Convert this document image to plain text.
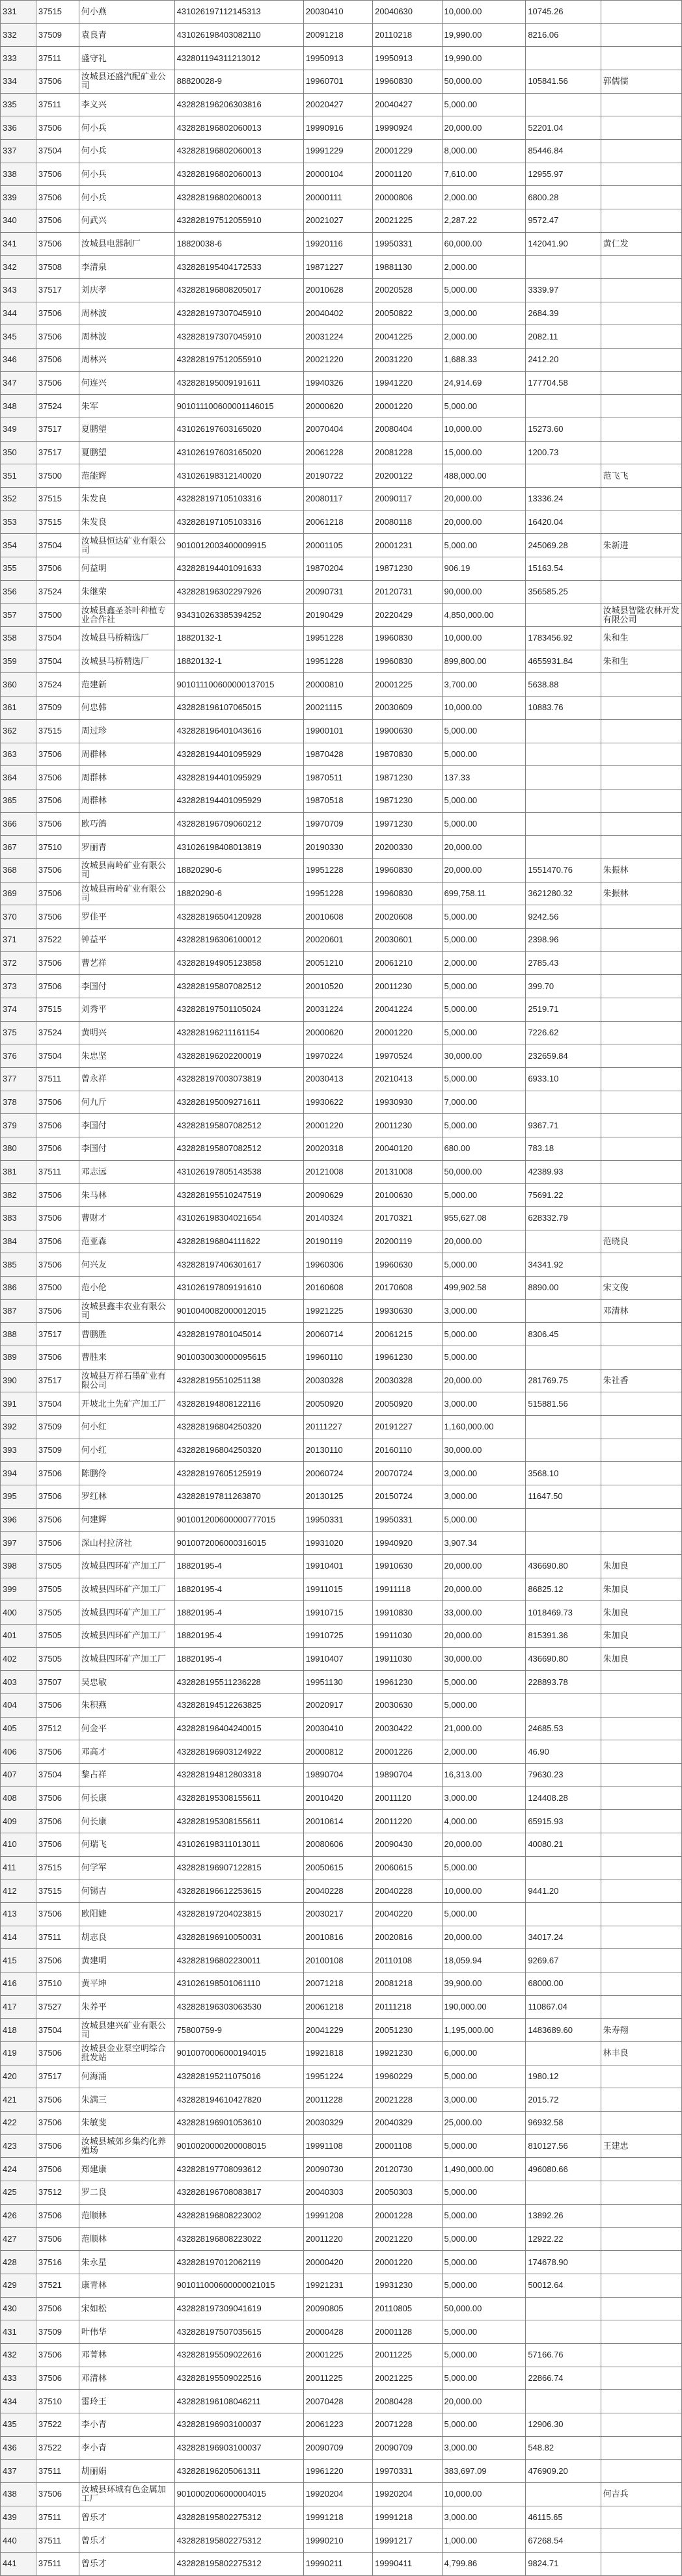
331	37515	何小燕	431026197112145313	20030410	20040630	10,000.00	10745.26	
332	37509	袁良青	431026198403082110	20091218	20110218	19,990.00	8216.06	
333	37511	盛守礼	432801194311213012	19950913	19950913	19,990.00		
334	37506	汝城县还盛汽配矿业公司	88820028-9	19960701	19960830	50,000.00	105841.56	郭儒儒
335	37511	李义兴	432828196206303816	20020427	20040427	5,000.00		
336	37506	何小兵	432828196802060013	19990916	19990924	20,000.00	52201.04	
337	37504	何小兵	432828196802060013	19991229	20001229	8,000.00	85446.84	
338	37506	何小兵	432828196802060013	20000104	20001120	7,610.00	12955.97	
339	37506	何小兵	432828196802060013	20000111	20000806	2,000.00	6800.28	
340	37506	何武兴	432828197512055910	20021027	20021225	2,287.22	9572.47	
341	37506	汝城县电器制厂	18820038-6	19920116	19950331	60,000.00	142041.90	黄仁发
342	37508	李清泉	432828195404172533	19871227	19881130	2,000.00		
343	37517	刘庆孝	432828196808205017	20010628	20020528	5,000.00	3339.97	
344	37506	周林波	432828197307045910	20040402	20050822	3,000.00	2684.39	
345	37506	周林波	432828197307045910	20031224	20041225	2,000.00	2082.11	
346	37506	周林兴	432828197512055910	20021220	20031220	1,688.33	2412.20	
347	37506	何连兴	432828195009191611	19940326	19941220	24,914.69	177704.58	
348	37524	朱军	901011100600001146015	20000620	20001220	5,000.00		
349	37517	夏鹏望	431026197603165020	20070404	20080404	10,000.00	15273.60	
350	37517	夏鹏望	431026197603165020	20061228	20081228	15,000.00	1200.73	
351	37500	范能辉	431026198312140020	20190722	20200122	488,000.00		范飞飞
352	37515	朱发良	432828197105103316	20080117	20090117	20,000.00	13336.24	
353	37515	朱发良	432828197105103316	20061218	20080118	20,000.00	16420.04	
354	37504	汝城县恒达矿业有限公司	9010012003400009915	20001105	20001231	5,000.00	245069.28	朱新进
355	37506	何益明	432828194401091633	19870204	19871230	906.19	15163.54	
356	37524	朱继荣	432828196302297926	20090731	20120731	90,000.00	356585.25	
357	37500	汝城县鑫圣茶叶种植专业合作社	934310263385394252	20190429	20220429	4,850,000.00		汝城县智隆农林开发有限公司
358	37504	汝城县马桥精选厂	18820132-1	19951228	19960830	10,000.00	1783456.92	朱和生
359	37504	汝城县马桥精选厂	18820132-1	19951228	19960830	899,800.00	4655931.84	朱和生
360	37524	范建新	901011100600000137015	20000810	20001225	3,700.00	5638.88	
361	37509	何忠韩	432828196107065015	20021115	20030609	10,000.00	10883.76	
362	37515	周过珍	432828196401043616	19900101	19900630	5,000.00		
363	37506	周群林	432828194401095929	19870428	19870830	5,000.00		
364	37506	周群林	432828194401095929	19870511	19871230	137.33		
365	37506	周群林	432828194401095929	19870518	19871230	5,000.00		
366	37506	欧巧鸽	432828196709060212	19970709	19971230	5,000.00		
367	37510	罗丽青	431026198408013819	20190330	20200330	20,000.00		
368	37506	汝城县南岭矿业有限公司	18820290-6	19951228	19960830	20,000.00	1551470.76	朱振林
369	37506	汝城县南岭矿业有限公司	18820290-6	19951228	19960830	699,758.11	3621280.32	朱振林
370	37506	罗佳平	432828196504120928	20010608	20020608	5,000.00	9242.56	
371	37522	钟益平	432828196306100012	20020601	20030601	5,000.00	2398.96	
372	37506	曹艺祥	432828194905123858	20051210	20061210	2,000.00	2785.43	
373	37506	李国付	432828195807082512	20010520	20011230	5,000.00	399.70	
374	37515	刘秀平	432828197501105024	20031224	20041224	5,000.00	2519.71	
375	37524	黄明兴	432828196211161154	20000620	20001220	5,000.00	7226.62	
376	37504	朱忠坚	432828196202200019	19970224	19970524	30,000.00	232659.84	
377	37511	曾永祥	432828197003073819	20030413	20210413	5,000.00	6933.10	
378	37506	何九斤	432828195009271611	19930622	19930930	7,000.00		
379	37506	李国付	432828195807082512	20001220	20011230	5,000.00	9367.71	
380	37506	李国付	432828195807082512	20020318	20040120	680.00	783.18	
381	37511	邓志远	431026197805143538	20121008	20131008	50,000.00	42389.93	
382	37506	朱马林	432828195510247519	20090629	20100630	5,000.00	75691.22	
383	37506	曹财才	431026198304021654	20140324	20170321	955,627.08	628332.79	
384	37506	范亚森	432828196804111622	20190119	20200119	20,000.00		范晓良
385	37506	何兴友	432828197406301617	19960306	19960630	5,000.00	34341.92	
386	37500	范小伦	431026197809191610	20160608	20170608	499,902.58	8890.00	宋文俊
387	37506	汝城县鑫丰农业有限公司	9010040082000012015	19921225	19930630	3,000.00		邓清林
388	37517	曹鹏胜	432828197801045014	20060714	20061215	5,000.00	8306.45	
389	37506	曹胜来	9010030030000095615	19960110	19961230	5,000.00		
390	37517	汝城县万祥石墨矿业有限公司	432828195510251138	20030328	20030328	20,000.00	281769.75	朱社香
391	37504	开坡北土先矿产加工厂	432828194808122116	20050920	20050920	3,000.00	515881.56	
392	37509	何小红	432828196804250320	20111227	20191227	1,160,000.00		
393	37509	何小红	432828196804250320	20130110	20160110	30,000.00		
394	37506	陈鹏伶	432828197605125919	20060724	20070724	3,000.00	3568.10	
395	37506	罗红林	432828197811263870	20130125	20150724	3,000.00	11647.50	
396	37506	何建辉	901001200600000777015	19950331	19950331	5,000.00		
397	37506	深山村拉济社	9010072006000316015	19931020	19940920	3,907.34		
398	37505	汝城县四环矿产加工厂	18820195-4	19910401	19910630	20,000.00	436690.80	朱加良
399	37505	汝城县四环矿产加工厂	18820195-4	19911015	19911118	20,000.00	86825.12	朱加良
400	37505	汝城县四环矿产加工厂	18820195-4	19910715	19910830	33,000.00	1018469.73	朱加良
401	37505	汝城县四环矿产加工厂	18820195-4	19910725	19911030	20,000.00	815391.36	朱加良
402	37505	汝城县四环矿产加工厂	18820195-4	19910407	19911030	30,000.00	436690.80	朱加良
403	37507	吴忠敏	432828195511236228	19951130	19961230	5,000.00	228893.78	
404	37506	朱积燕	432828194512263825	20020917	20030630	5,000.00		
405	37512	何金平	432828196404240015	20030410	20030422	21,000.00	24685.53	
406	37506	邓高才	432828196903124922	20000812	20001226	2,000.00	46.90	
407	37504	黎占祥	432828194812803318	19890704	19890704	16,313.00	79630.23	
408	37506	何长康	432828195308155611	20010420	20011120	3,000.00	124408.28	
409	37506	何长康	432828195308155611	20010614	20011220	4,000.00	65915.93	
410	37506	何瑞飞	431026198311013011	20080606	20090430	20,000.00	40080.21	
411	37515	何学军	432828196907122815	20050615	20060615	5,000.00		
412	37515	何锡吉	432828196612253615	20040228	20040228	10,000.00	9441.20	
413	37506	欧阳婕	432828197204023815	20030217	20040220	5,000.00		
414	37511	胡志良	432828196910050031	20010816	20020816	20,000.00	34017.24	
415	37506	黄建明	432828196802230011	20100108	20110108	18,059.94	9269.67	
416	37510	黄平坤	431026198501061110	20071218	20081218	39,900.00	68000.00	
417	37527	朱养平	432828196303063530	20061218	20111218	190,000.00	110867.04	
418	37504	汝城县建兴矿业有限公司	75800759-9	20041229	20051230	1,195,000.00	1483689.60	朱寿翔
419	37506	汝城县金业泵空明综合批发站	9010070006000194015	19921818	19921230	6,000.00		林丰良
420	37517	何海涌	432828195211075016	19951224	19960229	5,000.00	1980.12	
421	37506	朱满三	432828194610427820	20011228	20021228	3,000.00	2015.72	
422	37506	朱敏斐	432828196901053610	20030329	20040329	25,000.00	96932.58	
423	37506	汝城县城郊乡集约化养殖场	9010020000200008015	19991108	20001108	5,000.00	810127.56	王建忠
424	37506	郑建康	432828197708093612	20090730	20120730	1,490,000.00	496080.66	
425	37512	罗二良	432828196708083817	20040303	20050303	5,000.00		
426	37506	范顺林	432828196808223002	19991208	20001228	5,000.00	13892.26	
427	37506	范顺林	432828196808223022	20011220	20021220	5,000.00	12922.22	
428	37516	朱永星	432828197012062119	20000420	20001220	5,000.00	174678.90	
429	37521	康青林	901011000600000021015	19921231	19931230	5,000.00	50012.64	
430	37506	宋如松	432828197309041619	20090805	20110805	50,000.00		
431	37509	叶伟华	432828197507035615	20000428	20001128	5,000.00		
432	37506	邓菁林	432828195509022616	20001225	20011225	5,000.00	57166.76	
433	37506	邓清林	432828195509022516	20011225	20021225	5,000.00	22866.74	
434	37510	雷玲王	432828196108046211	20070428	20080428	20,000.00		
435	37522	李小青	432828196903100037	20061223	20071228	5,000.00	12906.30	
436	37522	李小青	432828196903100037	20090709	20090709	3,000.00	548.82	
437	37511	胡丽娟	432828196205061311	19961220	19970331	383,697.09	476909.20	
438	37506	汝城县环城有色金属加工厂	9010002006000004015	19920204	19920204	10,000.00		何吉兵
439	37511	曾乐才	432828195802275312	19991218	19991218	3,000.00	46115.65	
440	37511	曾乐才	432828195802275312	19990210	19991217	1,000.00	67268.54	
441	37511	曾乐才	432828195802275312	19990211	19990411	4,799.86	9824.71	
